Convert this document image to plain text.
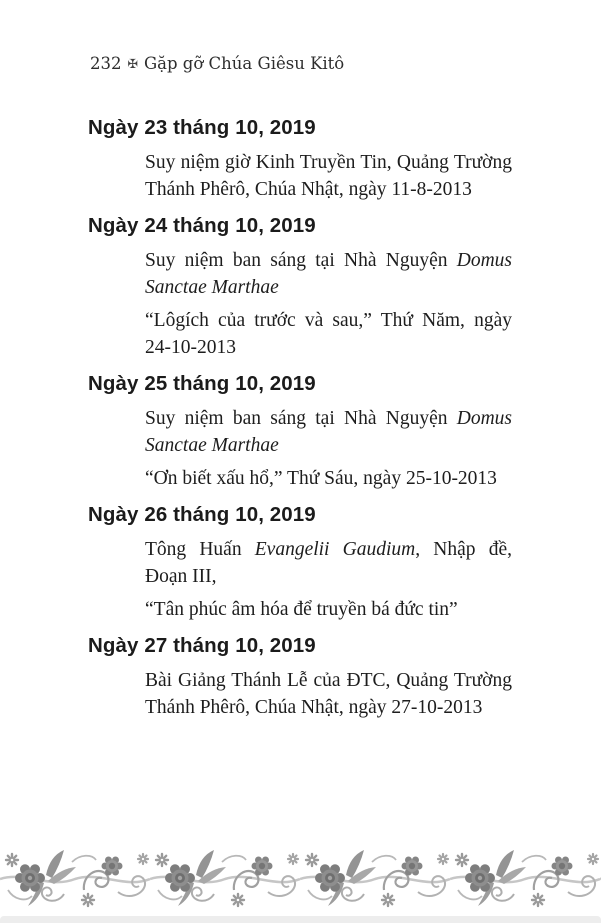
232 ✠ Gặp gỡ Chúa Giêsu Kitô
Ngày 23 tháng 10, 2019

Suy niệm giờ Kinh Truyền Tin, Quảng Trường Thánh Phêrô, Chúa Nhật, ngày 11-8-2013

Ngày 24 tháng 10, 2019

Suy niệm ban sáng tại Nhà Nguyện Domus Sanctae Marthae

“Lôgích của trước và sau,” Thứ Năm, ngày 24-10-2013

Ngày 25 tháng 10, 2019

Suy niệm ban sáng tại Nhà Nguyện Domus Sanctae Marthae

“Ơn biết xấu hổ,” Thứ Sáu, ngày 25-10-2013

Ngày 26 tháng 10, 2019

Tông Huấn Evangelii Gaudium, Nhập đề, Đoạn III,

“Tân phúc âm hóa để truyền bá đức tin”

Ngày 27 tháng 10, 2019

Bài Giảng Thánh Lễ của ĐTC, Quảng Trường Thánh Phêrô, Chúa Nhật, ngày 27-10-2013
